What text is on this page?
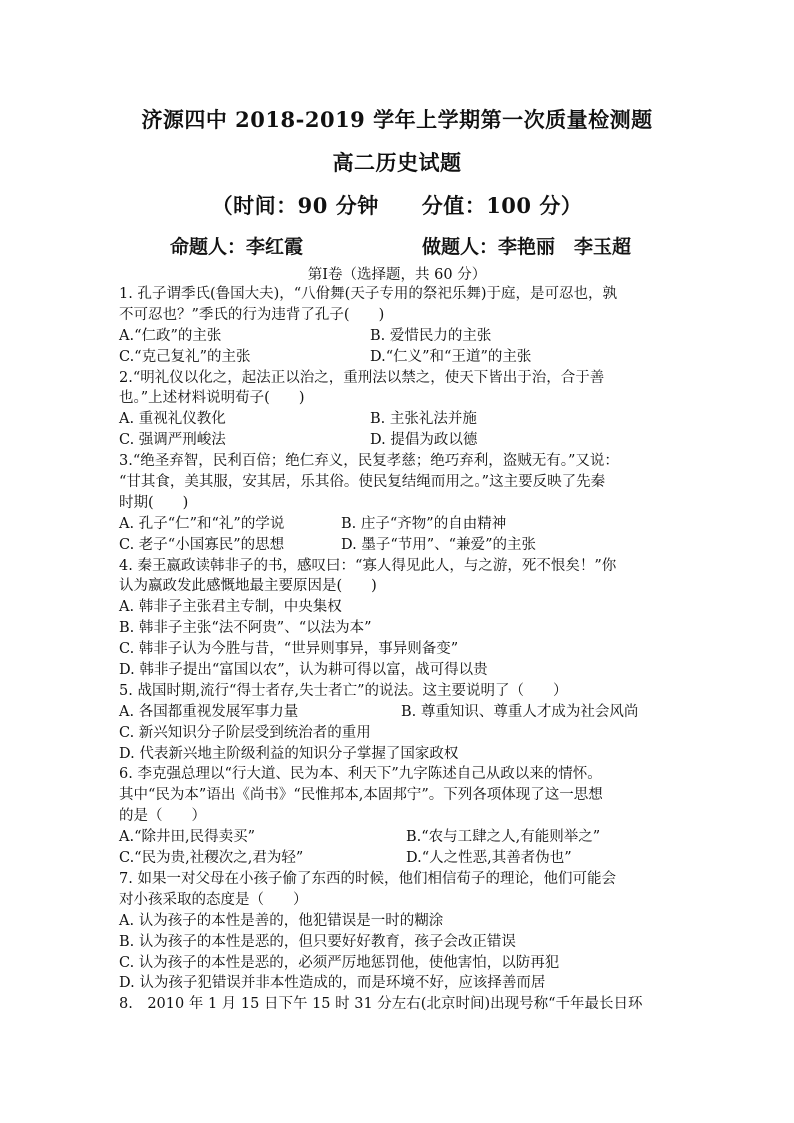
济源四中 2018-2019 学年上学期第一次质量检测题
高二历史试题
（时间：90 分钟　　分值：100 分）
命题人：李红霞	做题人：李艳丽　李玉超
第Ⅰ卷（选择题，共 60 分）
1. 孔子谓季氏(鲁国大夫)，“八佾舞(天子专用的祭祀乐舞)于庭，是可忍也，孰
不可忍也？”季氏的行为违背了孔子(　　)
A.“仁政”的主张	B. 爱惜民力的主张
C.“克己复礼”的主张	D.“仁义”和“王道”的主张
2.“明礼仪以化之，起法正以治之，重刑法以禁之，使天下皆出于治，合于善
也。”上述材料说明荀子(　　)
A. 重视礼仪教化	B. 主张礼法并施
C. 强调严刑峻法	D. 提倡为政以德
3.“绝圣弃智，民利百倍；绝仁弃义，民复孝慈；绝巧弃利，盗贼无有。”又说：
“甘其食，美其服，安其居，乐其俗。使民复结绳而用之。”这主要反映了先秦
时期(　　)
A. 孔子“仁”和“礼”的学说	B. 庄子“齐物”的自由精神
C. 老子“小国寡民”的思想	D. 墨子“节用”、“兼爱”的主张
4. 秦王嬴政读韩非子的书，感叹曰：“寡人得见此人，与之游，死不恨矣！”你
认为嬴政发此感慨地最主要原因是(　　)
A. 韩非子主张君主专制，中央集权
B. 韩非子主张“法不阿贵”、“以法为本”
C. 韩非子认为今胜与昔，“世异则事异，事异则备变”
D. 韩非子提出“富国以农”，认为耕可得以富，战可得以贵
5. 战国时期,流行“得士者存,失士者亡”的说法。这主要说明了（　　）
A. 各国都重视发展军事力量	B. 尊重知识、尊重人才成为社会风尚
C. 新兴知识分子阶层受到统治者的重用
D. 代表新兴地主阶级利益的知识分子掌握了国家政权
6. 李克强总理以“行大道、民为本、利天下”九字陈述自己从政以来的情怀。
其中“民为本”语出《尚书》“民惟邦本,本固邦宁”。下列各项体现了这一思想
的是（　　）
A.“除井田,民得卖买”	B.“农与工肆之人,有能则举之”
C.“民为贵,社稷次之,君为轻”	D.“人之性恶,其善者伪也”
7. 如果一对父母在小孩子偷了东西的时候，他们相信荀子的理论，他们可能会
对小孩采取的态度是（　　）
A. 认为孩子的本性是善的，他犯错误是一时的糊涂
B. 认为孩子的本性是恶的，但只要好好教育，孩子会改正错误
C. 认为孩子的本性是恶的，必须严厉地惩罚他，使他害怕，以防再犯
D. 认为孩子犯错误并非本性造成的，而是环境不好，应该择善而居
8.　2010 年 1 月 15 日下午 15 时 31 分左右(北京时间)出现号称“千年最长日环
